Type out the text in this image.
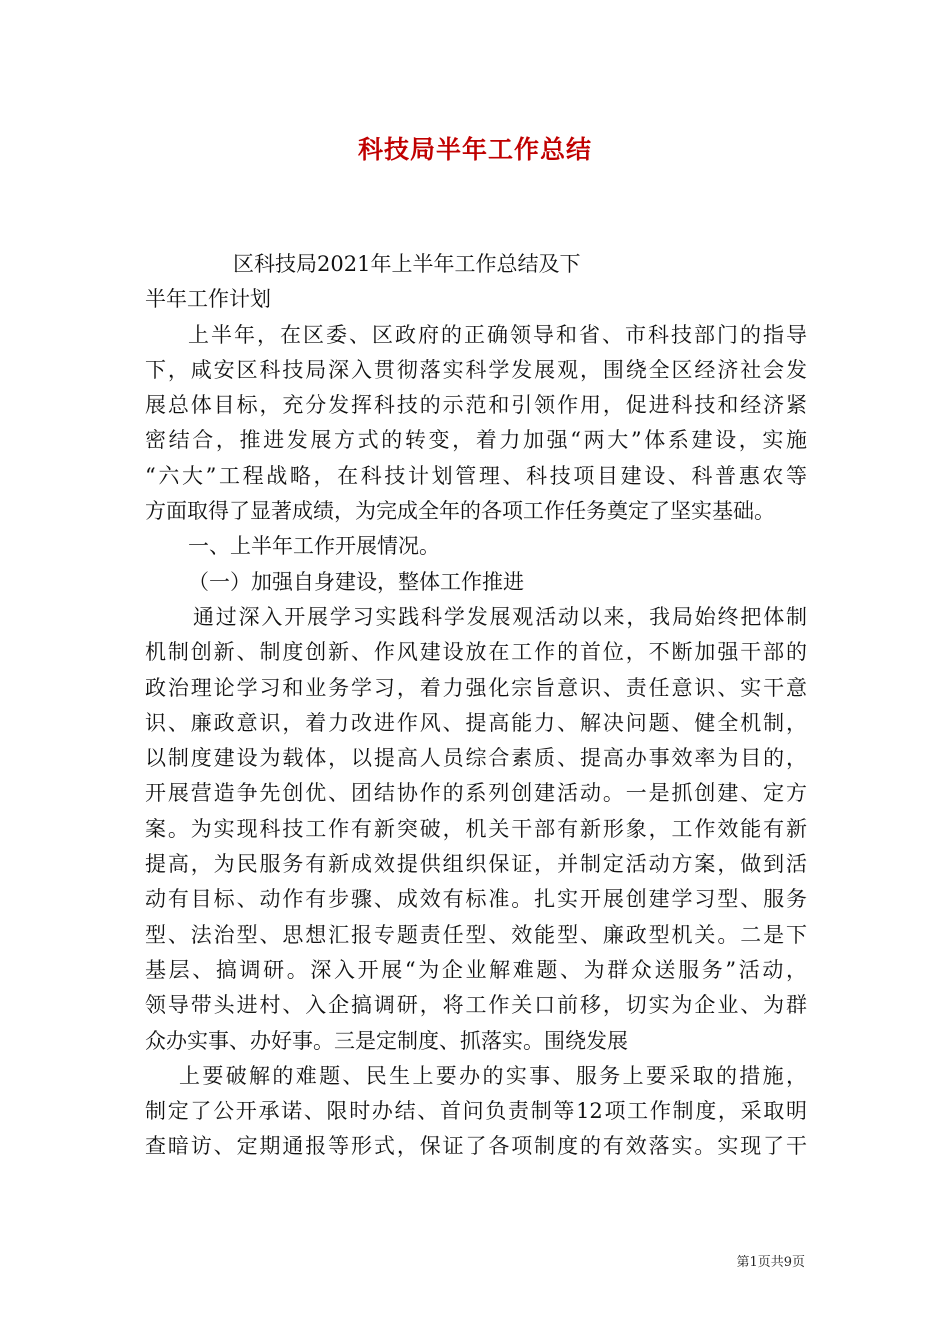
科技局半年工作总结
区科技局2021年上半年工作总结及下
半年工作计划
上半年，在区委、区政府的正确领导和省、市科技部门的指导
下，咸安区科技局深入贯彻落实科学发展观，围绕全区经济社会发
展总体目标，充分发挥科技的示范和引领作用，促进科技和经济紧
密结合，推进发展方式的转变，着力加强“两大”体系建设，实施
“六大”工程战略，在科技计划管理、科技项目建设、科普惠农等
方面取得了显著成绩，为完成全年的各项工作任务奠定了坚实基础。
一、上半年工作开展情况。
（一）加强自身建设，整体工作推进
通过深入开展学习实践科学发展观活动以来，我局始终把体制
机制创新、制度创新、作风建设放在工作的首位，不断加强干部的
政治理论学习和业务学习，着力强化宗旨意识、责任意识、实干意
识、廉政意识，着力改进作风、提高能力、解决问题、健全机制，
以制度建设为载体，以提高人员综合素质、提高办事效率为目的，
开展营造争先创优、团结协作的系列创建活动。一是抓创建、定方
案。为实现科技工作有新突破，机关干部有新形象，工作效能有新
提高，为民服务有新成效提供组织保证，并制定活动方案，做到活
动有目标、动作有步骤、成效有标准。扎实开展创建学习型、服务
型、法治型、思想汇报专题责任型、效能型、廉政型机关。二是下
基层、搞调研。深入开展“为企业解难题、为群众送服务”活动，
领导带头进村、入企搞调研，将工作关口前移，切实为企业、为群
众办实事、办好事。三是定制度、抓落实。围绕发展
上要破解的难题、民生上要办的实事、服务上要采取的措施，
制定了公开承诺、限时办结、首问负责制等12项工作制度，采取明
查暗访、定期通报等形式，保证了各项制度的有效落实。实现了干
第1页共9页
